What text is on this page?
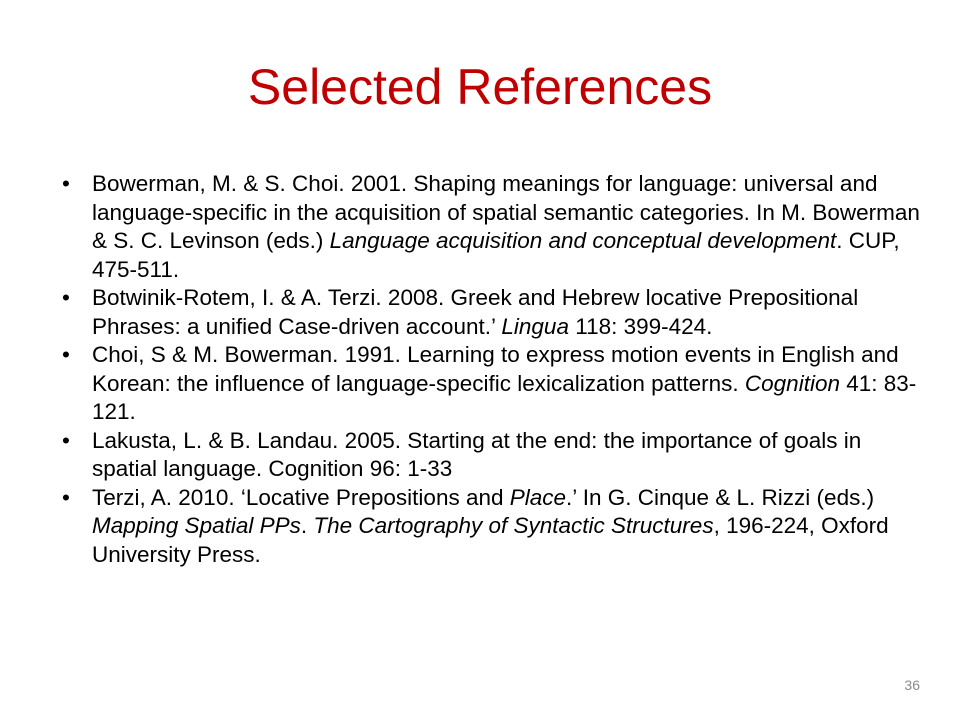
Selected References
• Bowerman, M. & S. Choi. 2001. Shaping meanings for language: universal and language-specific in the acquisition of spatial semantic categories. In M. Bowerman & S. C. Levinson (eds.) Language acquisition and conceptual development. CUP, 475-511.
• Botwinik-Rotem, I. & A. Terzi. 2008. Greek and Hebrew locative Prepositional Phrases: a unified Case-driven account.’ Lingua 118: 399-424.
• Choi, S & M. Bowerman. 1991. Learning to express motion events in English and Korean: the influence of language-specific lexicalization patterns. Cognition 41: 83-121.
• Lakusta, L. & B. Landau. 2005. Starting at the end: the importance of goals in spatial language. Cognition 96: 1-33
• Terzi, A. 2010. ‘Locative Prepositions and Place.’ In G. Cinque & L. Rizzi (eds.) Mapping Spatial PPs. The Cartography of Syntactic Structures, 196-224, Oxford University Press.
36
